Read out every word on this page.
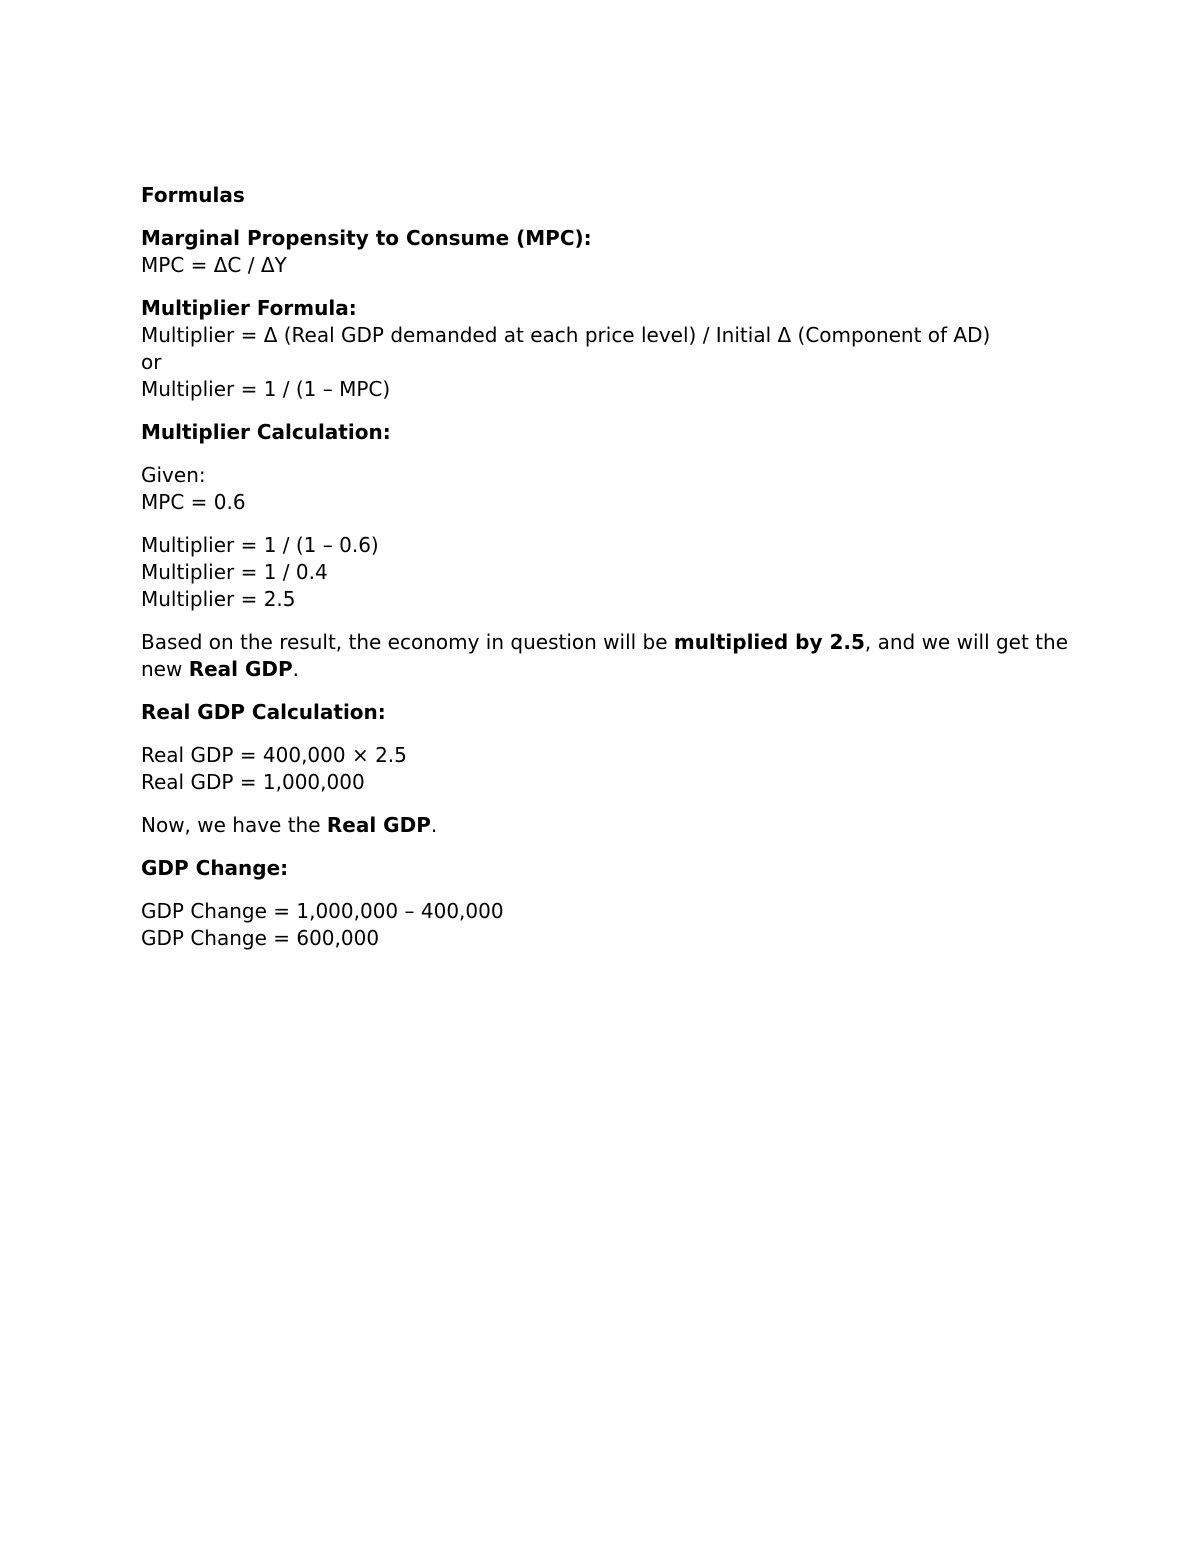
Formulas
Marginal Propensity to Consume (MPC):
MPC = ΔC / ΔY
Multiplier Formula:
Multiplier = Δ (Real GDP demanded at each price level) / Initial Δ (Component of AD)
or
Multiplier = 1 / (1 – MPC)
Multiplier Calculation:
Given:
MPC = 0.6
Multiplier = 1 / (1 – 0.6)
Multiplier = 1 / 0.4
Multiplier = 2.5
Based on the result, the economy in question will be multiplied by 2.5, and we will get the new Real GDP.
Real GDP Calculation:
Real GDP = 400,000 × 2.5
Real GDP = 1,000,000
Now, we have the Real GDP.
GDP Change:
GDP Change = 1,000,000 – 400,000
GDP Change = 600,000
